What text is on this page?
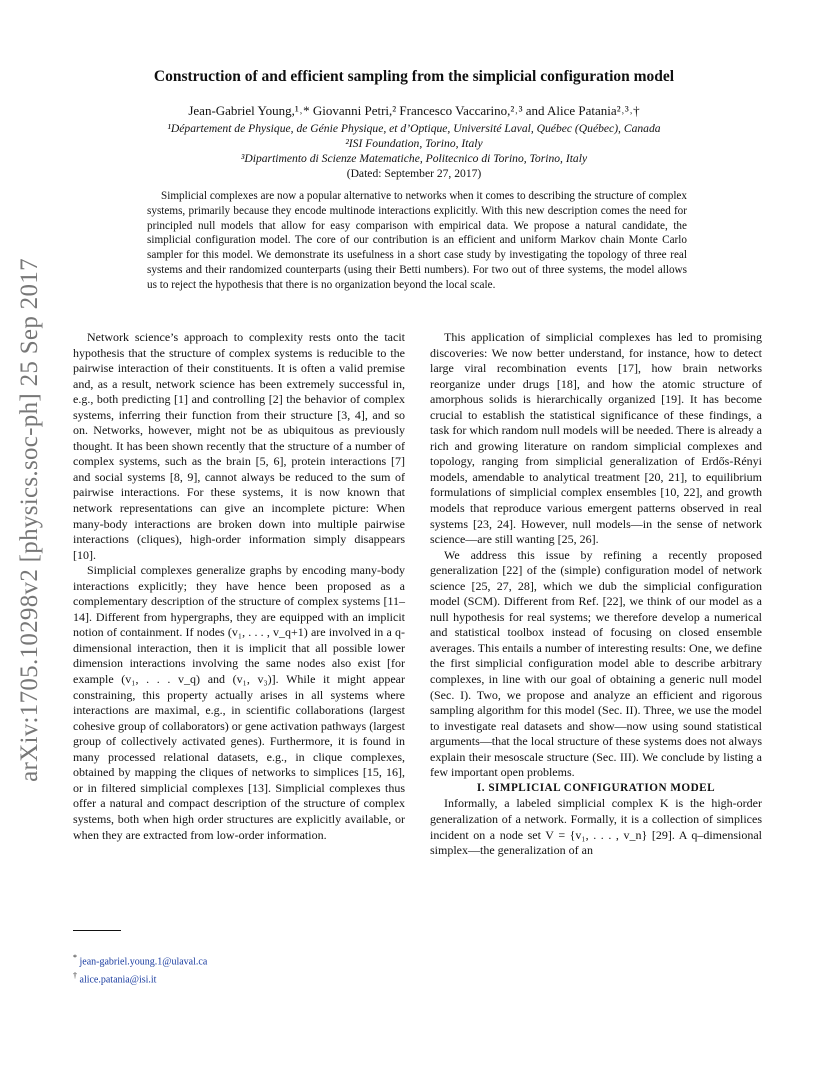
arXiv:1705.10298v2 [physics.soc-ph] 25 Sep 2017
Construction of and efficient sampling from the simplicial configuration model
Jean-Gabriel Young,¹˒* Giovanni Petri,² Francesco Vaccarino,²˒³ and Alice Patania²˒³˒†
¹Département de Physique, de Génie Physique, et d’Optique, Université Laval, Québec (Québec), Canada
²ISI Foundation, Torino, Italy
³Dipartimento di Scienze Matematiche, Politecnico di Torino, Torino, Italy
(Dated: September 27, 2017)

Simplicial complexes are now a popular alternative to networks when it comes to describing the structure of complex systems, primarily because they encode multinode interactions explicitly. With this new description comes the need for principled null models that allow for easy comparison with empirical data. We propose a natural candidate, the simplicial configuration model. The core of our contribution is an efficient and uniform Markov chain Monte Carlo sampler for this model. We demonstrate its usefulness in a short case study by investigating the topology of three real systems and their randomized counterparts (using their Betti numbers). For two out of three systems, the model allows us to reject the hypothesis that there is no organization beyond the local scale.

Network science’s approach to complexity rests onto the tacit hypothesis that the structure of complex systems is reducible to the pairwise interaction of their constituents. It is often a valid premise and, as a result, network science has been extremely successful in, e.g., both predicting [1] and controlling [2] the behavior of complex systems, inferring their function from their structure [3, 4], and so on. Networks, however, might not be as ubiquitous as previously thought. It has been shown recently that the structure of a number of complex systems, such as the brain [5, 6], protein interactions [7] and social systems [8, 9], cannot always be reduced to the sum of pairwise interactions. For these systems, it is now known that network representations can give an incomplete picture: When many-body interactions are broken down into multiple pairwise interactions (cliques), high-order information simply disappears [10].

Simplicial complexes generalize graphs by encoding many-body interactions explicitly; they have hence been proposed as a complementary description of the structure of complex systems [11–14]. Different from hypergraphs, they are equipped with an implicit notion of containment. If nodes (v₁, . . . , v_q+1) are involved in a q-dimensional interaction, then it is implicit that all possible lower dimension interactions involving the same nodes also exist [for example (v₁, . . . v_q) and (v₁, v₃)]. While it might appear constraining, this property actually arises in all systems where interactions are maximal, e.g., in scientific collaborations (largest cohesive group of collaborators) or gene activation pathways (largest group of collectively activated genes). Furthermore, it is found in many processed relational datasets, e.g., in clique complexes, obtained by mapping the cliques of networks to simplices [15, 16], or in filtered simplicial complexes [13]. Simplicial complexes thus offer a natural and compact description of the structure of complex systems, both when high order structures are explicitly available, or when they are extracted from low-order information.

This application of simplicial complexes has led to promising discoveries: We now better understand, for instance, how to detect large viral recombination events [17], how brain networks reorganize under drugs [18], and how the atomic structure of amorphous solids is hierarchically organized [19]. It has become crucial to establish the statistical significance of these findings, a task for which random null models will be needed. There is already a rich and growing literature on random simplicial complexes and topology, ranging from simplicial generalization of Erdős-Rényi models, amendable to analytical treatment [20, 21], to equilibrium formulations of simplicial complex ensembles [10, 22], and growth models that reproduce various emergent patterns observed in real systems [23, 24]. However, null models—in the sense of network science—are still wanting [25, 26].

We address this issue by refining a recently proposed generalization [22] of the (simple) configuration model of network science [25, 27, 28], which we dub the simplicial configuration model (SCM). Different from Ref. [22], we think of our model as a null hypothesis for real systems; we therefore develop a numerical and statistical toolbox instead of focusing on closed ensemble averages. This entails a number of interesting results: One, we define the first simplicial configuration model able to describe arbitrary complexes, in line with our goal of obtaining a generic null model (Sec. I). Two, we propose and analyze an efficient and rigorous sampling algorithm for this model (Sec. II). Three, we use the model to investigate real datasets and show—now using sound statistical arguments—that the local structure of these systems does not always explain their mesoscale structure (Sec. III). We conclude by listing a few important open problems.

I. SIMPLICIAL CONFIGURATION MODEL

Informally, a labeled simplicial complex K is the high-order generalization of a network. Formally, it is a collection of simplices incident on a node set V = {v₁, . . . , v_n} [29]. A q–dimensional simplex—the generalization of an

* jean-gabriel.young.1@ulaval.ca
† alice.patania@isi.it
